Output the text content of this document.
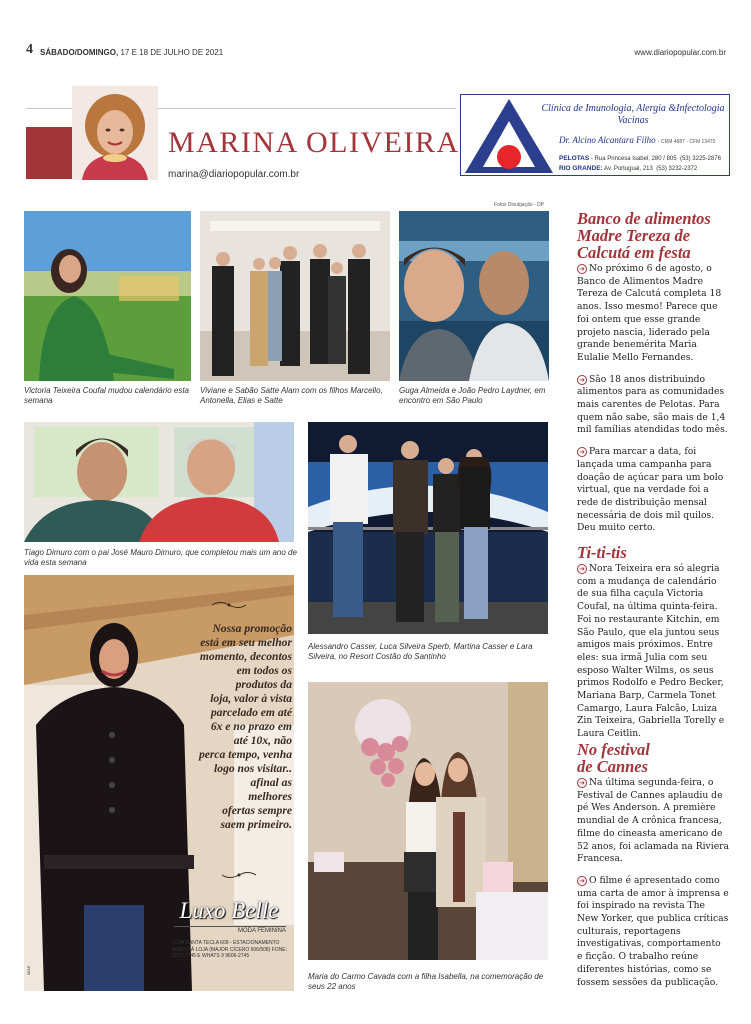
4 SÁBADO/DOMINGO, 17 E 18 DE JULHO DE 2021	www.diariopopular.com.br
MARINA OLIVEIRA
marina@diariopopular.com.br
Clínica de Imunologia, Alergia &Infectologia
Vacinas
Dr. Alcino Alcantara Filho - CRM 4887 - CFM 13470
PELOTAS - Rua Princesa Isabel, 280 / 805 (53) 3225-2876
RIO GRANDE: Av. Portugual, 213 (53) 3232-2372
Fotos Divulgação - DP
Victoria Teixeira Coufal mudou calendário esta semana
Viviane e Sabão Satte Alam com os filhos Marcello, Antonella, Elias e Satte
Guga Almeida e João Pedro Laydner, em encontro em São Paulo
Tiago Dimuro com o pai José Mauro Dimuro, que completou mais um ano de vida esta semana
Alessandro Casser, Luca Silveira Sperb, Martina Casser e Lara Silveira, no Resort Costão do Santinho
Maria do Carmo Cavada com a filha Isabella, na comemoração de seus 22 anos
Nossa promoção
está em seu melhor
momento, decontos
em todos os
produtos da
loja, valor à vista
parcelado em até
6x e no prazo em
até 10x, não
perca tempo, venha
logo nos visitar..
afinal as
melhores
ofertas sempre
saem primeiro.
Luxo Belle
MODA FEMININA
LOJA SANTA TECLA 609 - ESTACIONAMENTO ANEXO À LOJA (MAJOR CÍCERO 506/508) FONE: 3222-2745 E WHATS 9 9606-2745
0818
Banco de alimentos Madre Tereza de Calcutá em festa

➔ No próximo 6 de agosto, o Banco de Alimentos Madre Tereza de Calcutá completa 18 anos. Isso mesmo! Parece que foi ontem que esse grande projeto nascia, liderado pela grande benemérita Maria Eulalie Mello Fernandes.

➔ São 18 anos distribuindo alimentos para as comunidades mais carentes de Pelotas. Para quem não sabe, são mais de 1,4 mil famílias atendidas todo mês.

➔ Para marcar a data, foi lançada uma campanha para doação de açúcar para um bolo virtual, que na verdade foi a rede de distribuição mensal necessária de dois mil quilos. Deu muito certo.

Ti-ti-tis

➔ Nora Teixeira era só alegria com a mudança de calendário de sua filha caçula Victoria Coufal, na última quinta-feira. Foi no restaurante Kitchin, em São Paulo, que ela juntou seus amigos mais próximos. Entre eles: sua irmã Julia com seu esposo Walter Wilms, os seus primos Rodolfo e Pedro Becker, Mariana Barp, Carmela Tonet Camargo, Laura Falcão, Luiza Zin Teixeira, Gabriella Torelly e Laura Ceitlin.

No festival de Cannes

➔ Na última segunda-feira, o Festival de Cannes aplaudiu de pé Wes Anderson. A première mundial de A crônica francesa, filme do cineasta americano de 52 anos, foi aclamada na Riviera Francesa.

➔ O filme é apresentado como uma carta de amor à imprensa e foi inspirado na revista The New Yorker, que publica críticas culturais, reportagens investigativas, comportamento e ficção. O trabalho reúne diferentes histórias, como se fossem sessões da publicação.
